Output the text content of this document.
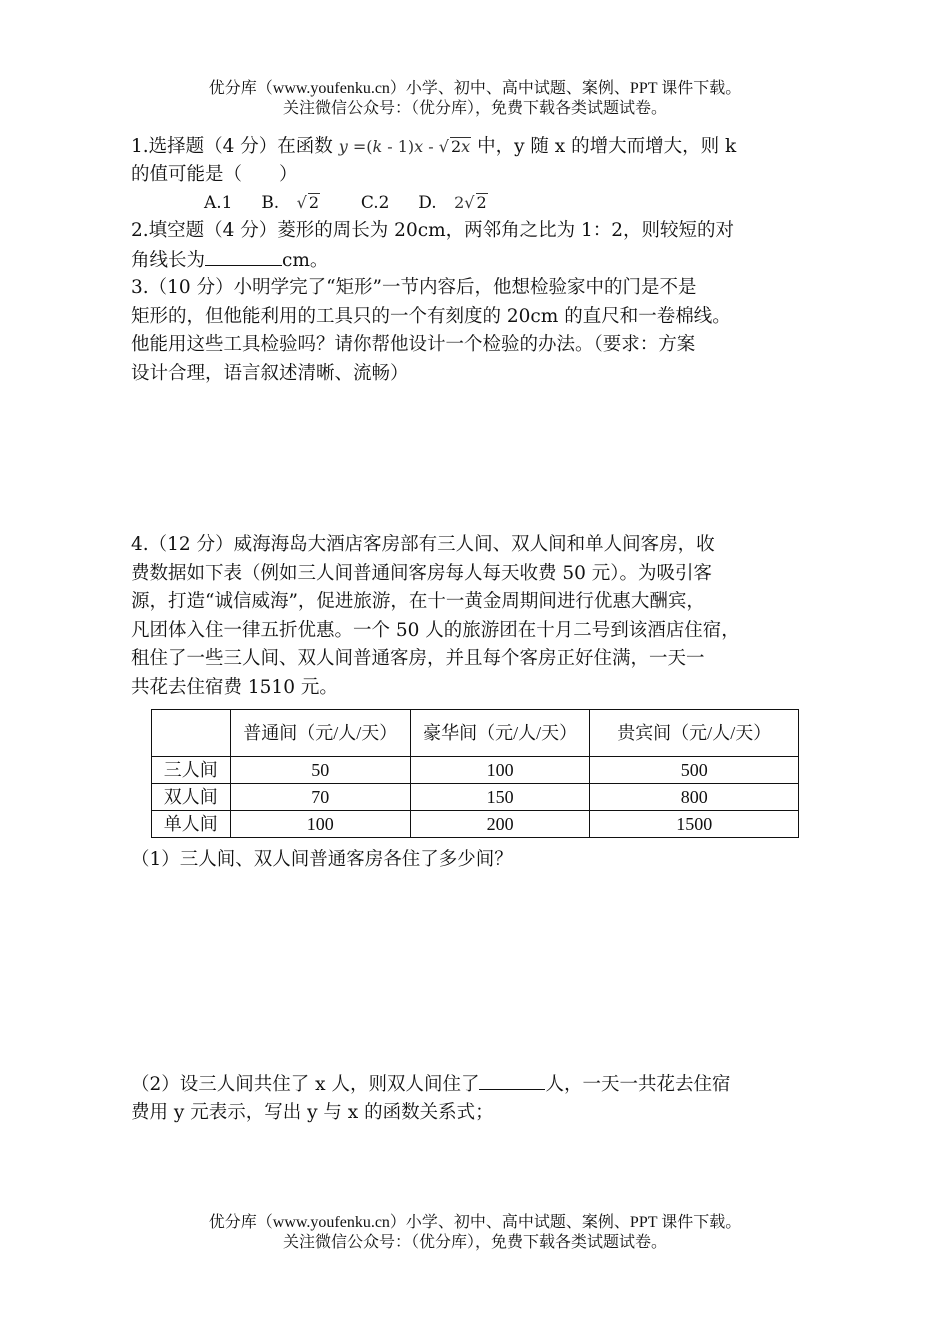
优分库（www.youfenku.cn）小学、初中、高中试题、案例、PPT 课件下载。
关注微信公众号：（优分库），免费下载各类试题试卷。
1.选择题（4 分）在函数 y =(k - 1)x - √ 2x 中，y 随 x 的增大而增大，则 k
的值可能是（　　）
A.1 B. √ 2 C.2 D. 2√ 2
2.填空题（4 分）菱形的周长为 20cm，两邻角之比为 1：2，则较短的对
角线长为	cm。
3.（10 分）小明学完了“矩形”一节内容后，他想检验家中的门是不是
矩形的，但他能利用的工具只的一个有刻度的 20cm 的直尺和一卷棉线。
他能用这些工具检验吗？请你帮他设计一个检验的办法。（要求：方案
设计合理，语言叙述清晰、流畅）
4.（12 分）威海海岛大酒店客房部有三人间、双人间和单人间客房，收
费数据如下表（例如三人间普通间客房每人每天收费 50 元）。为吸引客
源，打造“诚信威海”，促进旅游，在十一黄金周期间进行优惠大酬宾，
凡团体入住一律五折优惠。一个 50 人的旅游团在十月二号到该酒店住宿，
租住了一些三人间、双人间普通客房，并且每个客房正好住满，一天一
共花去住宿费 1510 元。
	普通间（元/人/天）	豪华间（元/人/天）	贵宾间（元/人/天）
三人间	50	100	500
双人间	70	150	800
单人间	100	200	1500
（1）三人间、双人间普通客房各住了多少间？
（2）设三人间共住了 x 人，则双人间住了	人，一天一共花去住宿
费用 y 元表示，写出 y 与 x 的函数关系式；
优分库（www.youfenku.cn）小学、初中、高中试题、案例、PPT 课件下载。
关注微信公众号：（优分库），免费下载各类试题试卷。
